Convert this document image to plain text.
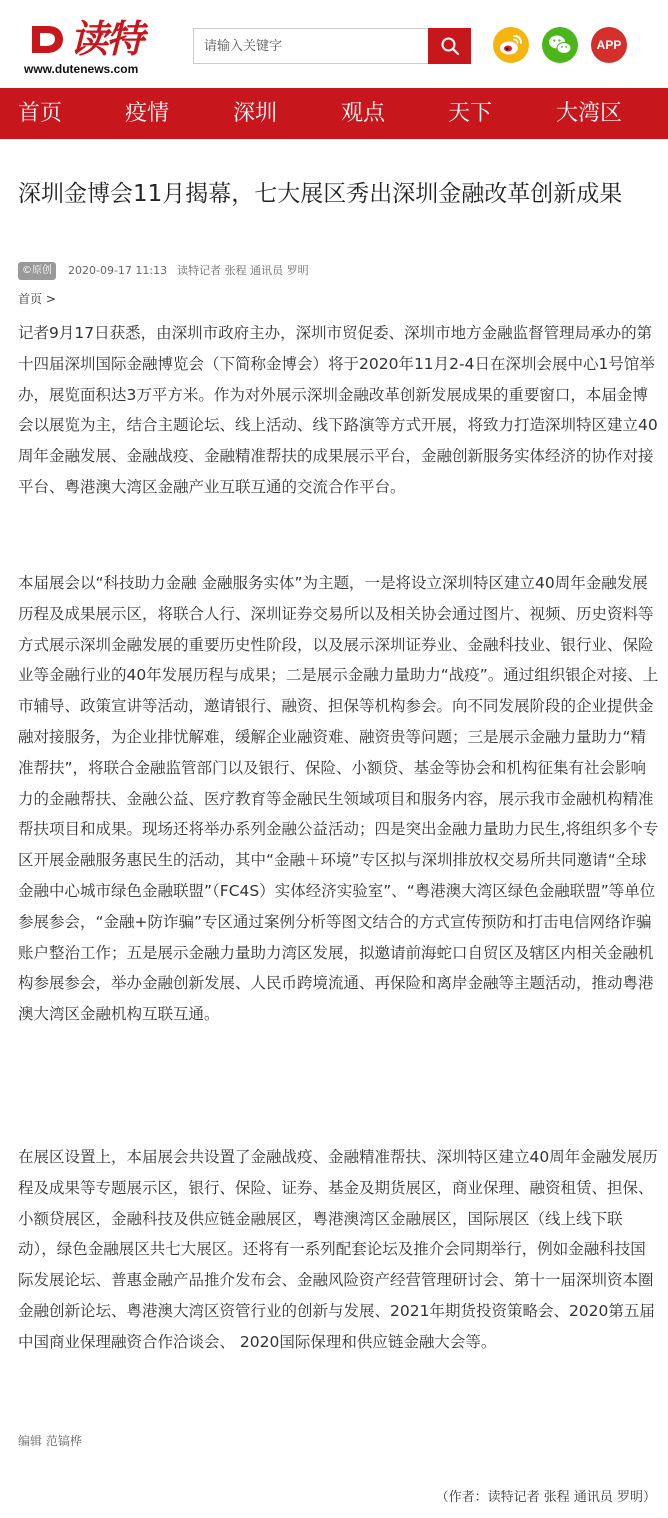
读特
www.dutenews.com
请输入关键字
APP
首页	疫情	深圳	观点	天下	大湾区
深圳金博会11月揭幕，七大展区秀出深圳金融改革创新成果
©原创 2020-09-17 11:13 读特记者 张程 通讯员 罗明
首页 >

记者9月17日获悉，由深圳市政府主办，深圳市贸促委、深圳市地方金融监督管理局承办的第十四届深圳国际金融博览会（下简称金博会）将于2020年11月2-4日在深圳会展中心1号馆举办，展览面积达3万平方米。作为对外展示深圳金融改革创新发展成果的重要窗口，本届金博会以展览为主，结合主题论坛、线上活动、线下路演等方式开展，将致力打造深圳特区建立40周年金融发展、金融战疫、金融精准帮扶的成果展示平台，金融创新服务实体经济的协作对接平台、粤港澳大湾区金融产业互联互通的交流合作平台。

本届展会以“科技助力金融 金融服务实体”为主题，一是将设立深圳特区建立40周年金融发展历程及成果展示区，将联合人行、深圳证券交易所以及相关协会通过图片、视频、历史资料等方式展示深圳金融发展的重要历史性阶段，以及展示深圳证券业、金融科技业、银行业、保险业等金融行业的40年发展历程与成果；二是展示金融力量助力“战疫”。通过组织银企对接、上市辅导、政策宣讲等活动，邀请银行、融资、担保等机构参会。向不同发展阶段的企业提供金融对接服务，为企业排忧解难，缓解企业融资难、融资贵等问题；三是展示金融力量助力“精准帮扶”，将联合金融监管部门以及银行、保险、小额贷、基金等协会和机构征集有社会影响力的金融帮扶、金融公益、医疗教育等金融民生领域项目和服务内容，展示我市金融机构精准帮扶项目和成果。现场还将举办系列金融公益活动；四是突出金融力量助力民生,将组织多个专区开展金融服务惠民生的活动，其中“金融＋环境”专区拟与深圳排放权交易所共同邀请“全球金融中心城市绿色金融联盟”（FC4S）实体经济实验室”、“粤港澳大湾区绿色金融联盟”等单位参展参会，“金融+防诈骗”专区通过案例分析等图文结合的方式宣传预防和打击电信网络诈骗账户整治工作；五是展示金融力量助力湾区发展，拟邀请前海蛇口自贸区及辖区内相关金融机构参展参会，举办金融创新发展、人民币跨境流通、再保险和离岸金融等主题活动，推动粤港澳大湾区金融机构互联互通。

在展区设置上，本届展会共设置了金融战疫、金融精准帮扶、深圳特区建立40周年金融发展历程及成果等专题展示区，银行、保险、证券、基金及期货展区，商业保理、融资租赁、担保、小额贷展区，金融科技及供应链金融展区，粤港澳湾区金融展区，国际展区（线上线下联动），绿色金融展区共七大展区。还将有一系列配套论坛及推介会同期举行，例如金融科技国际发展论坛、普惠金融产品推介发布会、金融风险资产经营管理研讨会、第十一届深圳资本圈金融创新论坛、粤港澳大湾区资管行业的创新与发展、2021年期货投资策略会、2020第五届中国商业保理融资合作洽谈会、 2020国际保理和供应链金融大会等。

编辑 范镐桦
（作者：读特记者 张程 通讯员 罗明）
